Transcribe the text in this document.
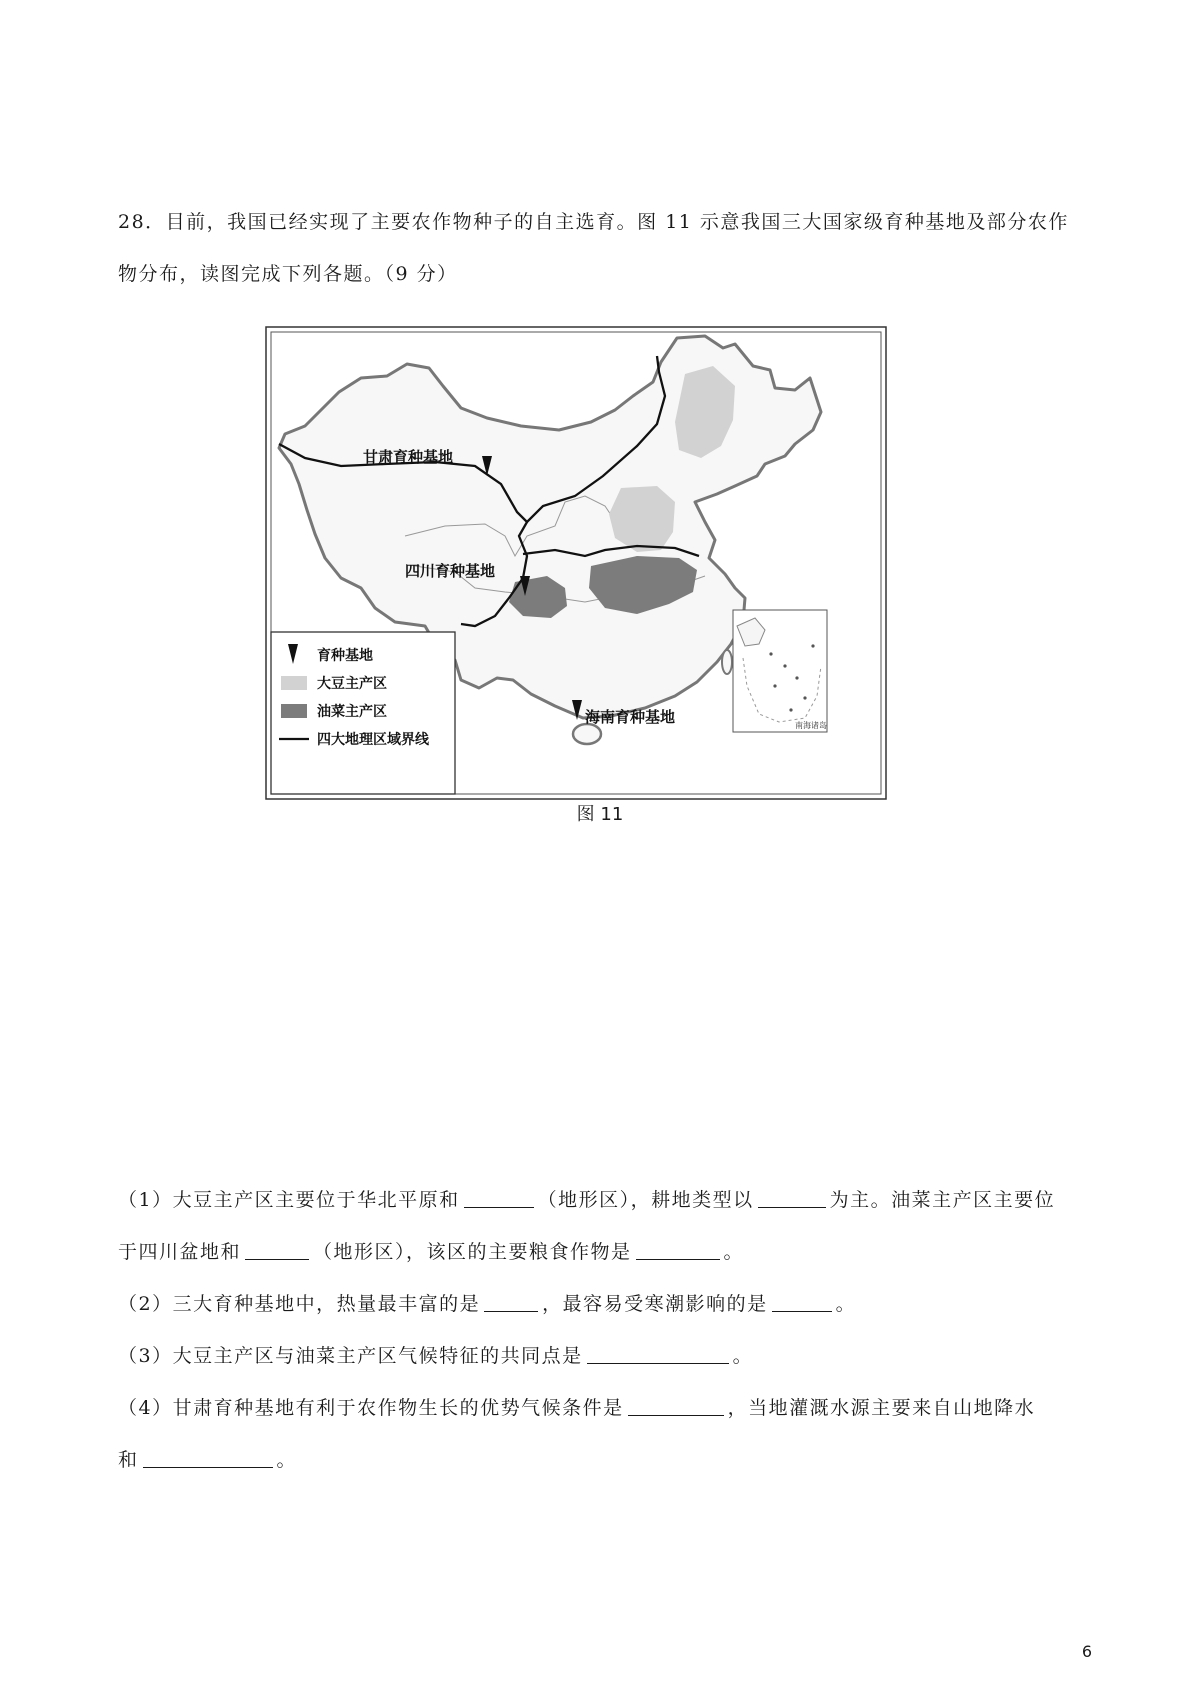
28．目前，我国已经实现了主要农作物种子的自主选育。图 11 示意我国三大国家级育种基地及部分农作物分布，读图完成下列各题。（9 分）

甘肃育种基地
四川育种基地
海南育种基地	南海诸岛
育种基地
大豆主产区
油菜主产区
四大地理区域界线
图 11

（1）大豆主产区主要位于华北平原和	（地形区），耕地类型以	为主。油菜主产区主要位
于四川盆地和	（地形区），该区的主要粮食作物是	。

（2）三大育种基地中，热量最丰富的是	，最容易受寒潮影响的是	。

（3）大豆主产区与油菜主产区气候特征的共同点是	。

（4）甘肃育种基地有利于农作物生长的优势气候条件是	，当地灌溉水源主要来自山地降水
和	。

6
